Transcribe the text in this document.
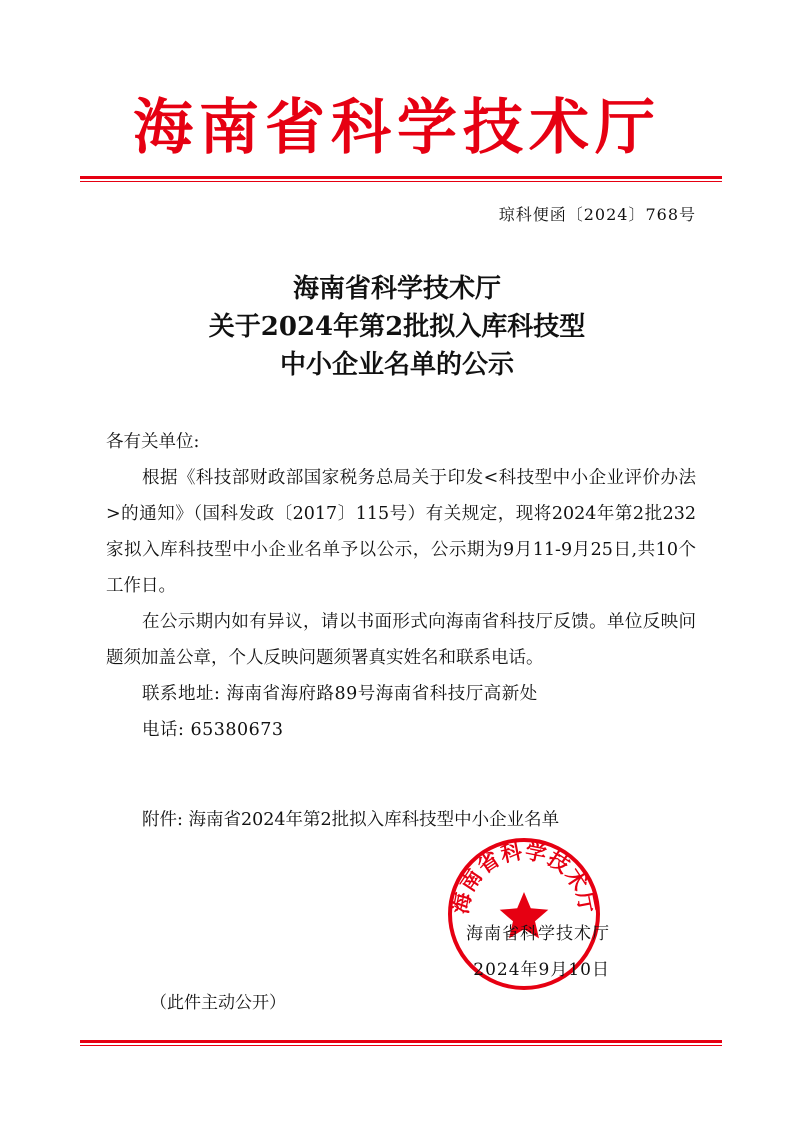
海南省科学技术厅
琼科便函〔2024〕768号
海南省科学技术厅
关于2024年第2批拟入库科技型
中小企业名单的公示

各有关单位:

根据《科技部财政部国家税务总局关于印发<科技型中小企业评价办法>的通知》（国科发政〔2017〕115号）有关规定，现将2024年第2批232家拟入库科技型中小企业名单予以公示，公示期为9月11-9月25日,共10个工作日。

在公示期内如有异议，请以书面形式向海南省科技厅反馈。单位反映问题须加盖公章，个人反映问题须署真实姓名和联系电话。

联系地址: 海南省海府路89号海南省科技厅高新处

电话: 65380673

附件: 海南省2024年第2批拟入库科技型中小企业名单
海南省科学技术厅
海南省科学技术厅
2024年9月10日
（此件主动公开）
